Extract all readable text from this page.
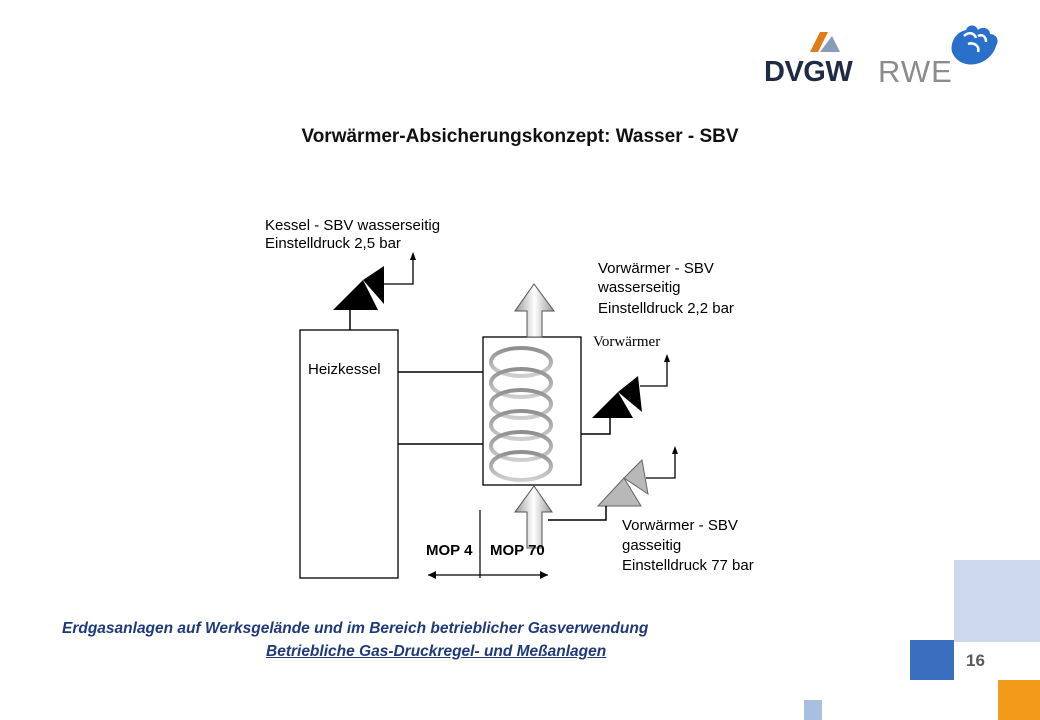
DVGW RWE
Vorwärmer-Absicherungskonzept: Wasser - SBV
Heizkessel
Kessel - SBV wasserseitig
Einstelldruck 2,5 bar
Vorwärmer
Vorwärmer - SBV
wasserseitig
Einstelldruck 2,2 bar
Vorwärmer - SBV
gasseitig
Einstelldruck 77 bar
MOP 4 MOP 70
Erdgasanlagen auf Werksgelände und im Bereich betrieblicher Gasverwendung
Betriebliche Gas-Druckregel- und Meßanlagen	16
